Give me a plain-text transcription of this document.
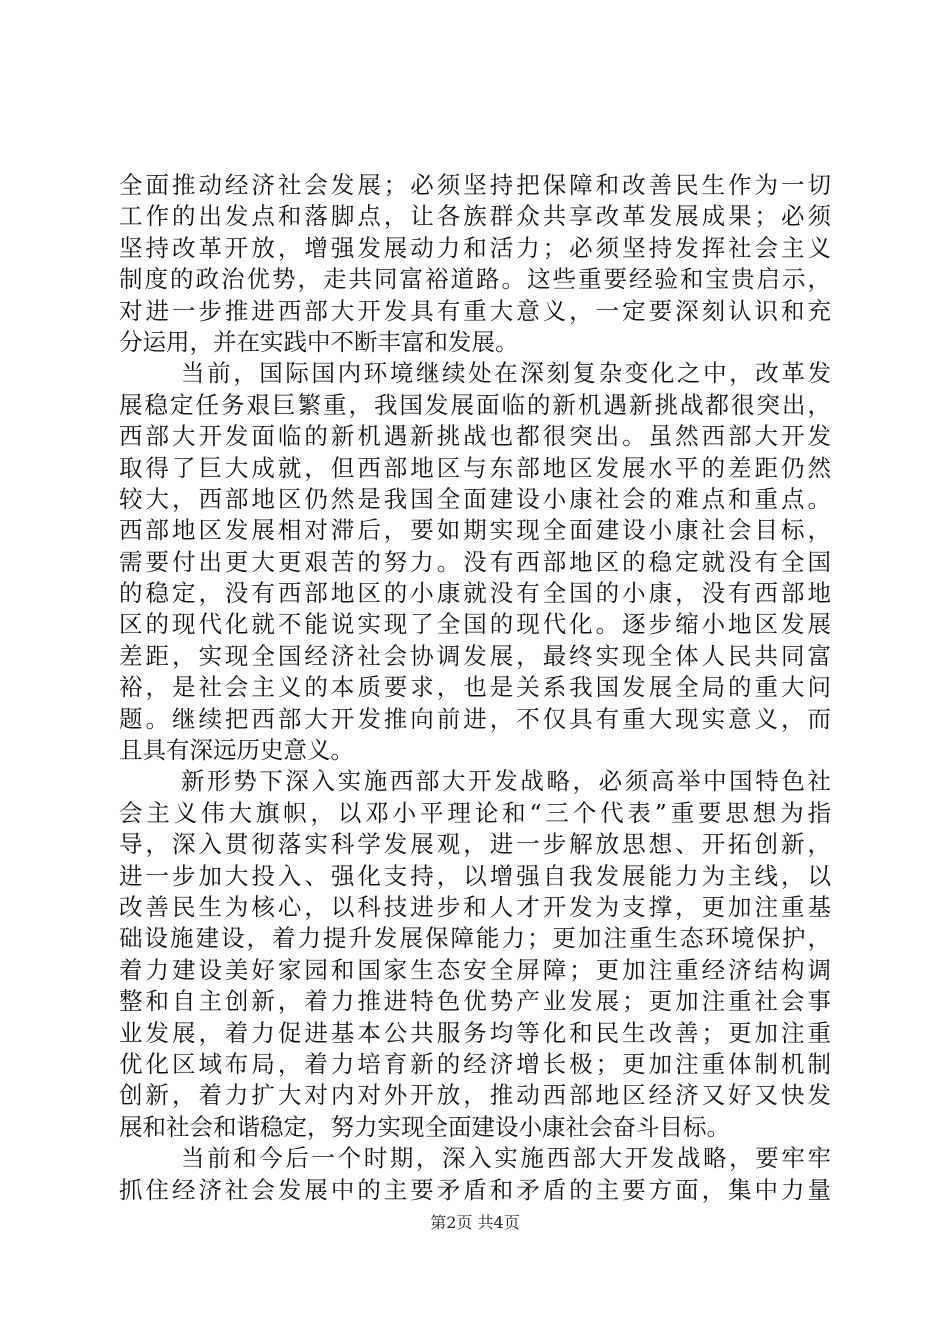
全面推动经济社会发展；必须坚持把保障和改善民生作为一切
工作的出发点和落脚点，让各族群众共享改革发展成果；必须
坚持改革开放，增强发展动力和活力；必须坚持发挥社会主义
制度的政治优势，走共同富裕道路。这些重要经验和宝贵启示，
对进一步推进西部大开发具有重大意义，一定要深刻认识和充
分运用，并在实践中不断丰富和发展。
当前，国际国内环境继续处在深刻复杂变化之中，改革发
展稳定任务艰巨繁重，我国发展面临的新机遇新挑战都很突出，
西部大开发面临的新机遇新挑战也都很突出。虽然西部大开发
取得了巨大成就，但西部地区与东部地区发展水平的差距仍然
较大，西部地区仍然是我国全面建设小康社会的难点和重点。
西部地区发展相对滞后，要如期实现全面建设小康社会目标，
需要付出更大更艰苦的努力。没有西部地区的稳定就没有全国
的稳定，没有西部地区的小康就没有全国的小康，没有西部地
区的现代化就不能说实现了全国的现代化。逐步缩小地区发展
差距，实现全国经济社会协调发展，最终实现全体人民共同富
裕，是社会主义的本质要求，也是关系我国发展全局的重大问
题。继续把西部大开发推向前进，不仅具有重大现实意义，而
且具有深远历史意义。
新形势下深入实施西部大开发战略，必须高举中国特色社
会主义伟大旗帜，以邓小平理论和“三个代表”重要思想为指
导，深入贯彻落实科学发展观，进一步解放思想、开拓创新，
进一步加大投入、强化支持，以增强自我发展能力为主线，以
改善民生为核心，以科技进步和人才开发为支撑，更加注重基
础设施建设，着力提升发展保障能力；更加注重生态环境保护，
着力建设美好家园和国家生态安全屏障；更加注重经济结构调
整和自主创新，着力推进特色优势产业发展；更加注重社会事
业发展，着力促进基本公共服务均等化和民生改善；更加注重
优化区域布局，着力培育新的经济增长极；更加注重体制机制
创新，着力扩大对内对外开放，推动西部地区经济又好又快发
展和社会和谐稳定，努力实现全面建设小康社会奋斗目标。
当前和今后一个时期，深入实施西部大开发战略，要牢牢
抓住经济社会发展中的主要矛盾和矛盾的主要方面，集中力量
第2页 共4页
